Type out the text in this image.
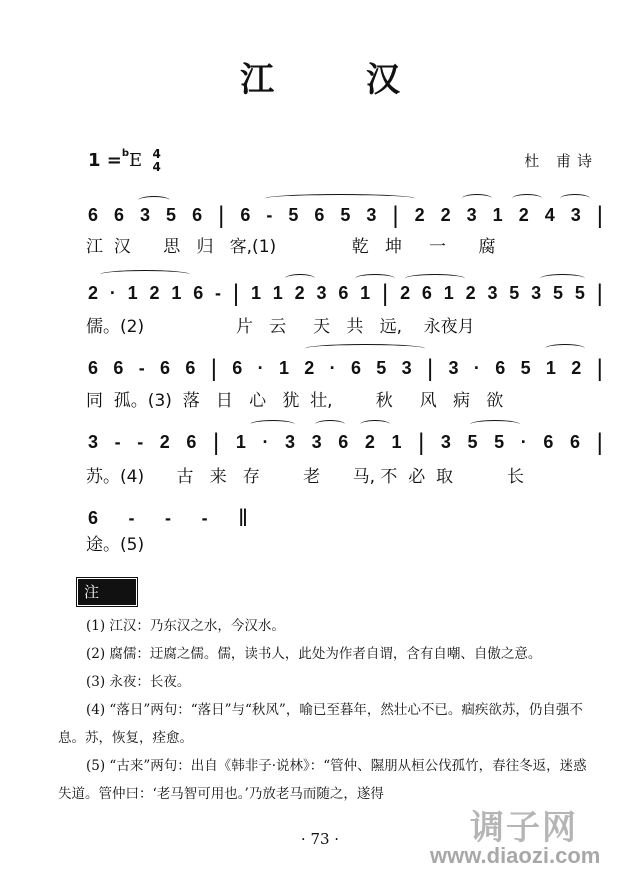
江 汉
1 =$^b$E 4
4	杜 甫诗
6 6 3 5 6 | 6 - 5 6 5 3 | 2 2 3 1 2 4 3 |
江  汉      思   归   客,(1)              乾   坤     一      腐
2 · 1 2 1 6 - | 1 1 2 3 6 1 | 2 6 1 2 3 5 3 5 5 |
儒。(2)                 片   云     天   共   远,    永夜月
6 6 - 6 6 | 6 · 1 2 · 6 5 3 | 3 · 6 5 1 2 |
同  孤。(3)  落   日   心   犹  壮,        秋     风   病   欲
3 - - 2 6 | 1 · 3 3 6 2 1 | 3 5 5 · 6 6 |
苏。(4)      古   来   存        老      马, 不  必  取          长
6 - - - ‖
途。(5)
注释

(1) 江汉：乃东汉之水，今汉水。

(2) 腐儒：迂腐之儒。儒，读书人，此处为作者自谓，含有自嘲、自傲之意。

(3) 永夜：长夜。

(4) “落日”两句：“落日”与“秋风”，喻已至暮年，然壮心不已。痼疾欲苏，仍自强不息。苏，恢复，痊愈。

(5) “古来”两句：出自《韩非子·说林》：“管仲、隰朋从桓公伐孤竹，春往冬返，迷惑失道。管仲曰：‘老马智可用也。’乃放老马而随之，遂得

· 73 ·	调子网
www.diaozi.com
